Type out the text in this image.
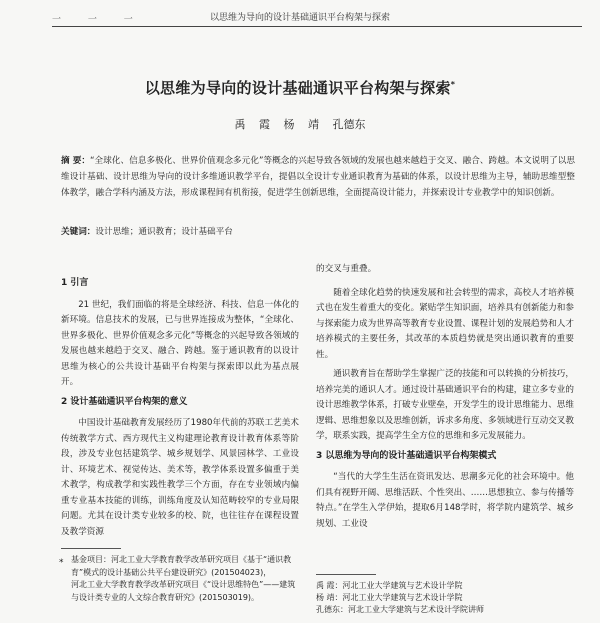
一 一 一	以思维为导向的设计基础通识平台构架与探索
以思维为导向的设计基础通识平台构架与探索*
禹 霞 杨 靖 孔德东
摘 要：“全球化、信息多极化、世界价值观念多元化”等概念的兴起导致各领域的发展也越来越趋于交叉、融合、跨越。本文说明了以思维设计基础、设计思维为导向的设计多维通识教学平台，提倡以全设计专业通识教育为基础的体系，以设计思维为主导，辅助思维型整体教学，融合学科内涵及方法，形成课程间有机衔接，促进学生创新思维，全面提高设计能力，并探索设计专业教学中的知识创新。
关键词：设计思维；通识教育；设计基础平台
1 引言

21 世纪，我们面临的将是全球经济、科技、信息一体化的新环境。信息技术的发展，已与世界连接成为整体，“全球化、世界多极化、世界价值观念多元化”等概念的兴起导致各领域的发展也越来越趋于交叉、融合、跨越。鉴于通识教育的以设计思维为核心的公共设计基础平台构架与探索即以此为基点展开。

2 设计基础通识平台构架的意义

中国设计基础教育发展经历了1980年代前的苏联工艺美术传统教学方式、西方现代主义构建理论教育设计教育体系等阶段，涉及专业包括建筑学、城乡规划学、风景园林学、工业设计、环境艺术、视觉传达、美术等，教学体系设置多偏重于美术教学，构成教学和实践性教学三个方面，存在专业领域内偏重专业基本技能的训练，训练角度及认知范畴较窄的专业局限问题。尤其在设计类专业较多的校、院，也往往存在课程设置及教学资源

的交叉与重叠。

随着全球化趋势的快速发展和社会转型的需求，高校人才培养模式也在发生着重大的变化。紧贴学生知识面，培养具有创新能力和参与探索能力成为世界高等教育专业设置、课程计划的发展趋势和人才培养模式的主要任务，其改革的本质趋势就是突出通识教育的重要性。

通识教育旨在帮助学生掌握广泛的技能和可以转换的分析技巧，培养完美的通识人才。通过设计基础通识平台的构建，建立多专业的设计思维教学体系，打破专业壁垒，开发学生的设计思维能力、思维逻辑、思维想象以及思维创新，诉求多角度、多领域进行互动交叉教学，联系实践，提高学生全方位的思维和多元发展能力。

3 以思维为导向的设计基础通识平台构架模式

“当代的大学生生活在资讯发达、思潮多元化的社会环境中。他们具有视野开阔、思维活跃、个性突出、……思想独立、参与传播等特点。”在学生入学伊始，提取6月148学时，将学院内建筑学、城乡规划、工业设

* 基金项目：河北工业大学教育教学改革研究项目《基于“通识教育”模式的设计基础公共平台建设研究》(201504023)，
河北工业大学教育教学改革研究项目《“设计思维特色”——建筑与设计类专业的人文综合教育研究》(201503019)。
禹 霞：河北工业大学建筑与艺术设计学院
杨 靖：河北工业大学建筑与艺术设计学院
孔德东：河北工业大学建筑与艺术设计学院讲师
